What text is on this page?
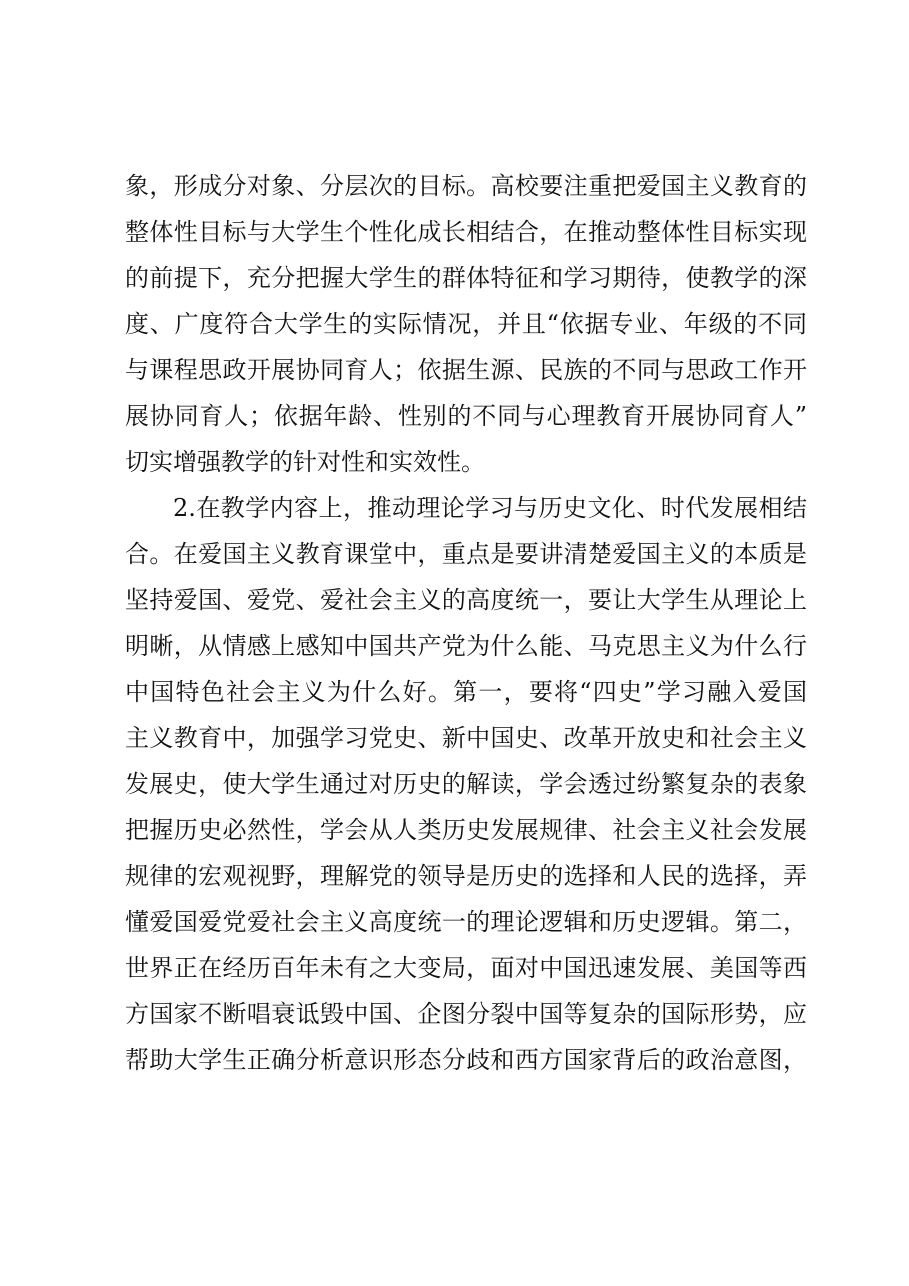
象，形成分对象、分层次的目标。高校要注重把爱国主义教育的
整体性目标与大学生个性化成长相结合，在推动整体性目标实现
的前提下，充分把握大学生的群体特征和学习期待，使教学的深
度、广度符合大学生的实际情况，并且“依据专业、年级的不同
与课程思政开展协同育人；依据生源、民族的不同与思政工作开
展协同育人；依据年龄、性别的不同与心理教育开展协同育人”
切实增强教学的针对性和实效性。
2.在教学内容上，推动理论学习与历史文化、时代发展相结
合。在爱国主义教育课堂中，重点是要讲清楚爱国主义的本质是
坚持爱国、爱党、爱社会主义的高度统一，要让大学生从理论上
明晰，从情感上感知中国共产党为什么能、马克思主义为什么行
中国特色社会主义为什么好。第一，要将“四史”学习融入爱国
主义教育中，加强学习党史、新中国史、改革开放史和社会主义
发展史，使大学生通过对历史的解读，学会透过纷繁复杂的表象
把握历史必然性，学会从人类历史发展规律、社会主义社会发展
规律的宏观视野，理解党的领导是历史的选择和人民的选择，弄
懂爱国爱党爱社会主义高度统一的理论逻辑和历史逻辑。第二，
世界正在经历百年未有之大变局，面对中国迅速发展、美国等西
方国家不断唱衰诋毁中国、企图分裂中国等复杂的国际形势，应
帮助大学生正确分析意识形态分歧和西方国家背后的政治意图，
